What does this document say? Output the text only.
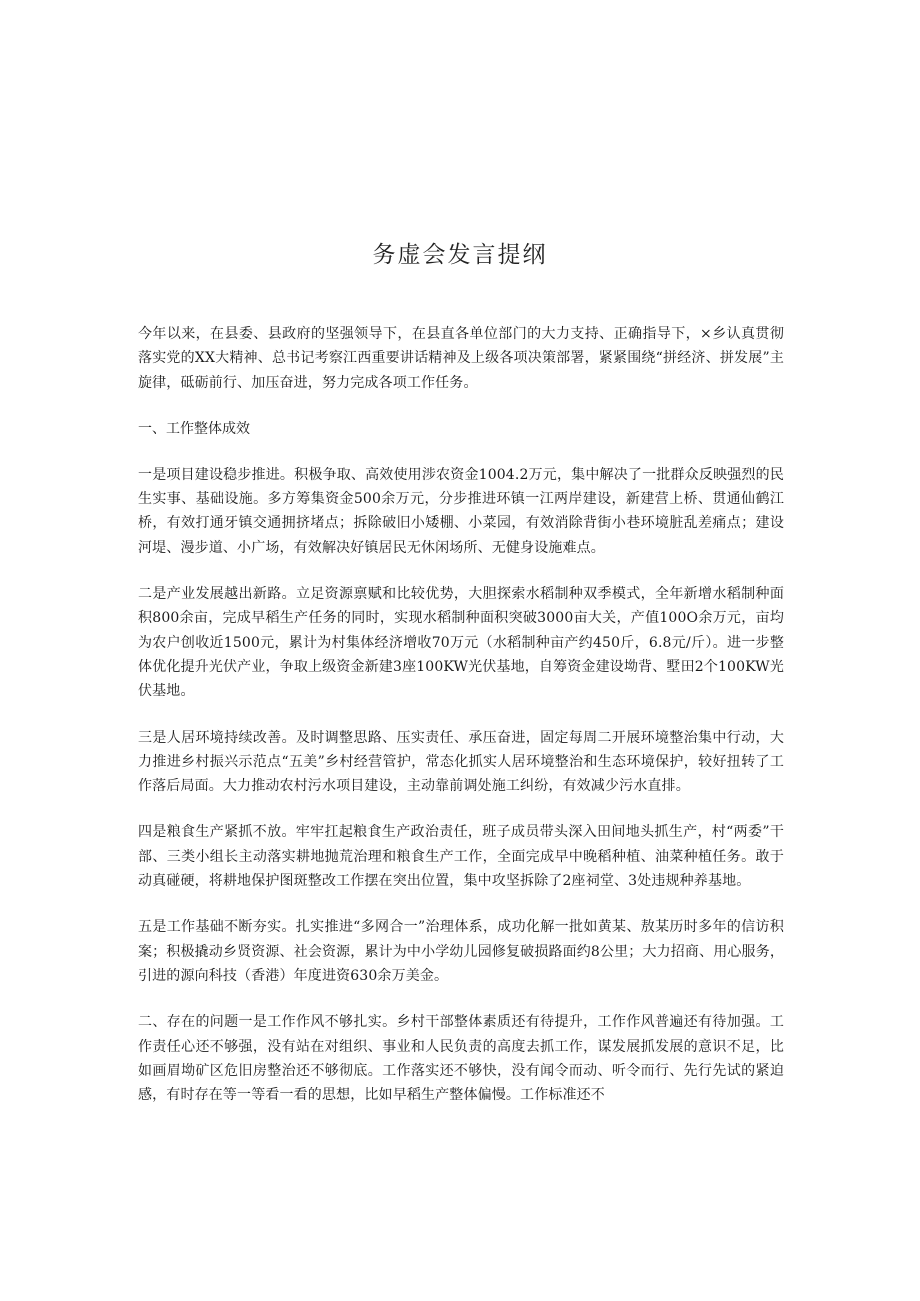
务虚会发言提纲

今年以来，在县委、县政府的坚强领导下，在县直各单位部门的大力支持、正确指导下，×乡认真贯彻落实党的XX大精神、总书记考察江西重要讲话精神及上级各项决策部署，紧紧围绕“拼经济、拼发展”主旋律，砥砺前行、加压奋进，努力完成各项工作任务。

一、工作整体成效

一是项目建设稳步推进。积极争取、高效使用涉农资金1004.2万元，集中解决了一批群众反映强烈的民生实事、基础设施。多方筹集资金500余万元，分步推进环镇一江两岸建设，新建营上桥、贯通仙鹤江桥，有效打通牙镇交通拥挤堵点；拆除破旧小矮棚、小菜园，有效消除背街小巷环境脏乱差痛点；建设河堤、漫步道、小广场，有效解决好镇居民无休闲场所、无健身设施难点。

二是产业发展越出新路。立足资源禀赋和比较优势，大胆探索水稻制种双季模式，全年新增水稻制种面积800余亩，完成早稻生产任务的同时，实现水稻制种面积突破3000亩大关，产值100O余万元，亩均为农户创收近1500元，累计为村集体经济增收70万元（水稻制种亩产约450斤，6.8元/斤）。进一步整体优化提升光伏产业，争取上级资金新建3座100KW光伏基地，自筹资金建设坳背、墅田2个100KW光伏基地。

三是人居环境持续改善。及时调整思路、压实责任、承压奋进，固定每周二开展环境整治集中行动，大力推进乡村振兴示范点“五美”乡村经营管护，常态化抓实人居环境整治和生态环境保护，较好扭转了工作落后局面。大力推动农村污水项目建设，主动靠前调处施工纠纷，有效减少污水直排。

四是粮食生产紧抓不放。牢牢扛起粮食生产政治责任，班子成员带头深入田间地头抓生产，村“两委”干部、三类小组长主动落实耕地抛荒治理和粮食生产工作，全面完成早中晚稻种植、油菜种植任务。敢于动真碰硬，将耕地保护图斑整改工作摆在突出位置，集中攻坚拆除了2座祠堂、3处违规种养基地。

五是工作基础不断夯实。扎实推进“多网合一”治理体系，成功化解一批如黄某、敖某历时多年的信访积案；积极撬动乡贤资源、社会资源，累计为中小学幼儿园修复破损路面约8公里；大力招商、用心服务，引进的源向科技（香港）年度进资630余万美金。

二、存在的问题一是工作作风不够扎实。乡村干部整体素质还有待提升，工作作风普遍还有待加强。工作责任心还不够强，没有站在对组织、事业和人民负责的高度去抓工作，谋发展抓发展的意识不足，比如画眉坳矿区危旧房整治还不够彻底。工作落实还不够快，没有闻令而动、听令而行、先行先试的紧迫感，有时存在等一等看一看的思想，比如早稻生产整体偏慢。工作标准还不
